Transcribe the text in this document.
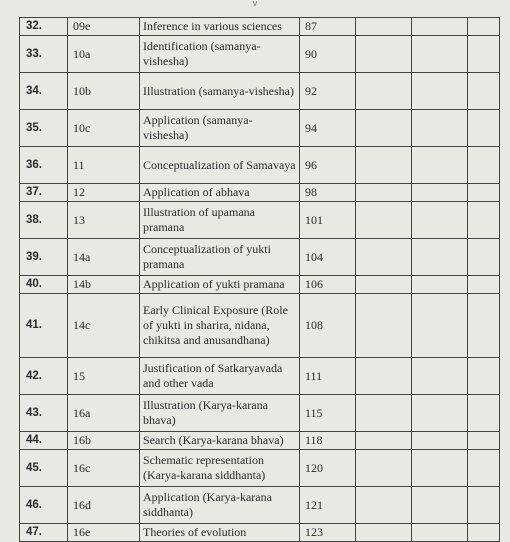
v
32.	09e	Inference in various sciences	87			
33.	10a	Identification (samanya-vishesha)	90			
34.	10b	Illustration (samanya-vishesha)	92			
35.	10c	Application (samanya-vishesha)	94			
36.	11	Conceptualization of Samavaya	96			
37.	12	Application of abhava	98			
38.	13	Illustration of upamana pramana	101			
39.	14a	Conceptualization of yukti pramana	104			
40.	14b	Application of yukti pramana	106			
41.	14c	Early Clinical Exposure (Role of yukti in sharira, nidana, chikitsa and anusandhana)	108			
42.	15	Justification of Satkaryavada and other vada	111			
43.	16a	Illustration (Karya-karana bhava)	115			
44.	16b	Search (Karya-karana bhava)	118			
45.	16c	Schematic representation (Karya-karana siddhanta)	120			
46.	16d	Application (Karya-karana siddhanta)	121			
47.	16e	Theories of evolution	123			
